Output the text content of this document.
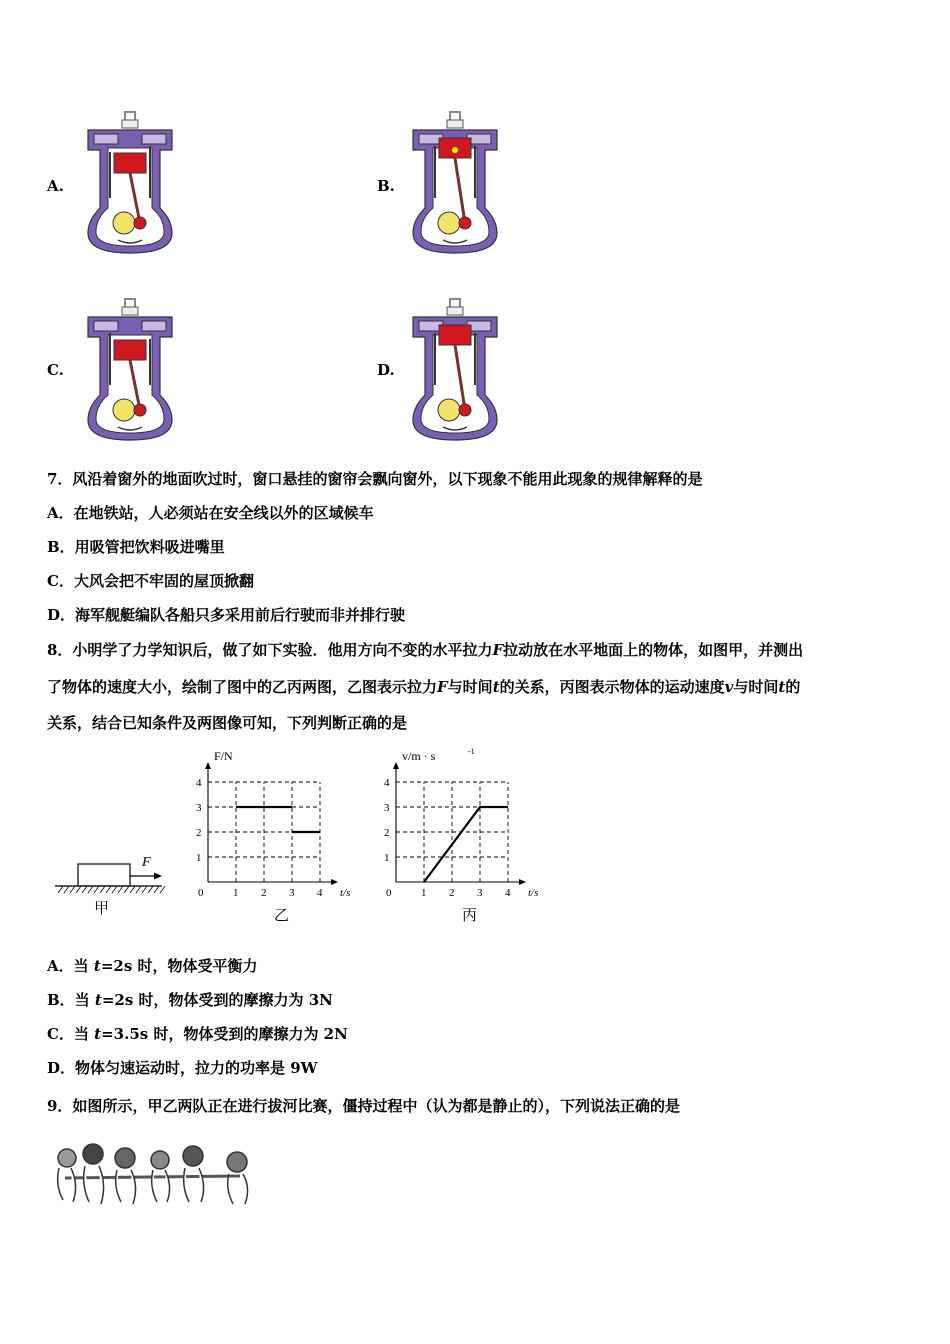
A.	B.
C.	D.
7．风沿着窗外的地面吹过时，窗口悬挂的窗帘会飘向窗外，以下现象不能用此现象的规律解释的是
A．在地铁站，人必须站在安全线以外的区域候车
B．用吸管把饮料吸进嘴里
C．大风会把不牢固的屋顶掀翻
D．海军舰艇编队各船只多采用前后行驶而非并排行驶
8．小明学了力学知识后，做了如下实验．他用方向不变的水平拉力F拉动放在水平地面上的物体，如图甲，并测出
了物体的速度大小，绘制了图中的乙丙两图，乙图表示拉力F与时间t的关系，丙图表示物体的运动速度v与时间t的
关系，结合已知条件及两图像可知，下列判断正确的是
F
甲
1 2 3 4
1
2
3
4
0	t/s
F/N
乙
1 2 3 4
1
2
3
4
0	t/s
v/m · s	-1
丙
A．当 t=2s 时，物体受平衡力
B．当 t=2s 时，物体受到的摩擦力为 3N
C．当 t=3.5s 时，物体受到的摩擦力为 2N
D．物体匀速运动时，拉力的功率是 9W
9．如图所示，甲乙两队正在进行拔河比赛，僵持过程中（认为都是静止的），下列说法正确的是
